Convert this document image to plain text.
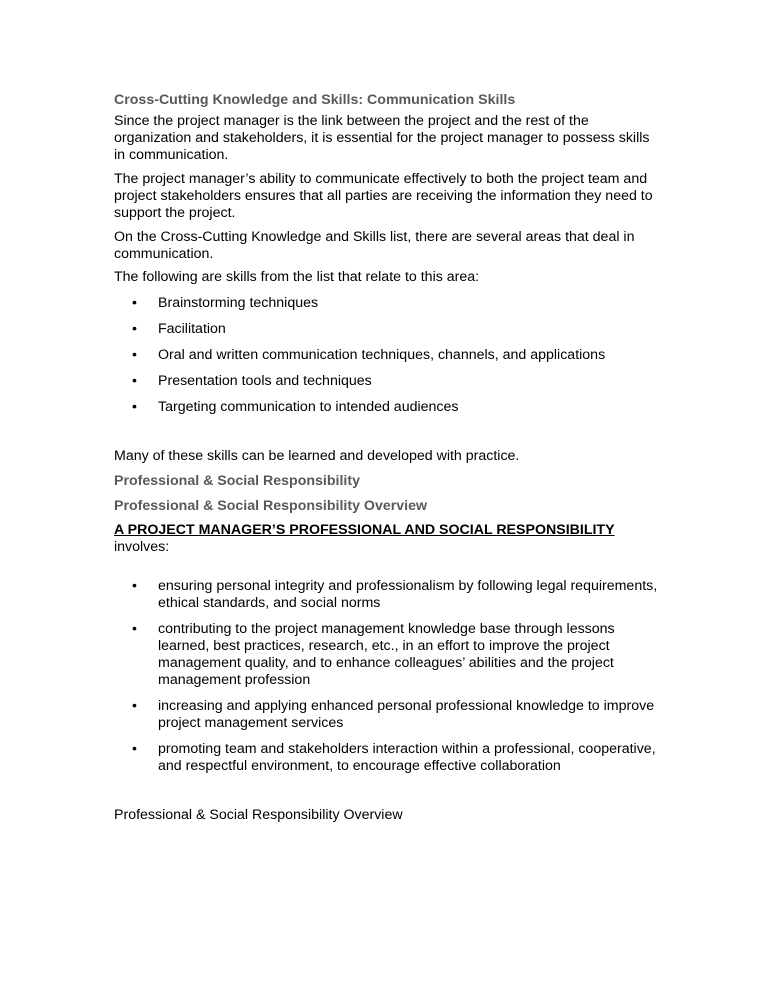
Cross-Cutting Knowledge and Skills: Communication Skills

Since the project manager is the link between the project and the rest of the organization and stakeholders, it is essential for the project manager to possess skills in communication.

The project manager’s ability to communicate effectively to both the project team and project stakeholders ensures that all parties are receiving the information they need to support the project.

On the Cross-Cutting Knowledge and Skills list, there are several areas that deal in communication.

The following are skills from the list that relate to this area:

• Brainstorming techniques
• Facilitation
• Oral and written communication techniques, channels, and applications
• Presentation tools and techniques
• Targeting communication to intended audiences

Many of these skills can be learned and developed with practice.

Professional & Social Responsibility

Professional & Social Responsibility Overview

A PROJECT MANAGER’S PROFESSIONAL AND SOCIAL RESPONSIBILITY

involves:

• ensuring personal integrity and professionalism by following legal requirements, ethical standards, and social norms
• contributing to the project management knowledge base through lessons learned, best practices, research, etc., in an effort to improve the project management quality, and to enhance colleagues’ abilities and the project management profession
• increasing and applying enhanced personal professional knowledge to improve project management services
• promoting team and stakeholders interaction within a professional, cooperative, and respectful environment, to encourage effective collaboration

Professional & Social Responsibility Overview
